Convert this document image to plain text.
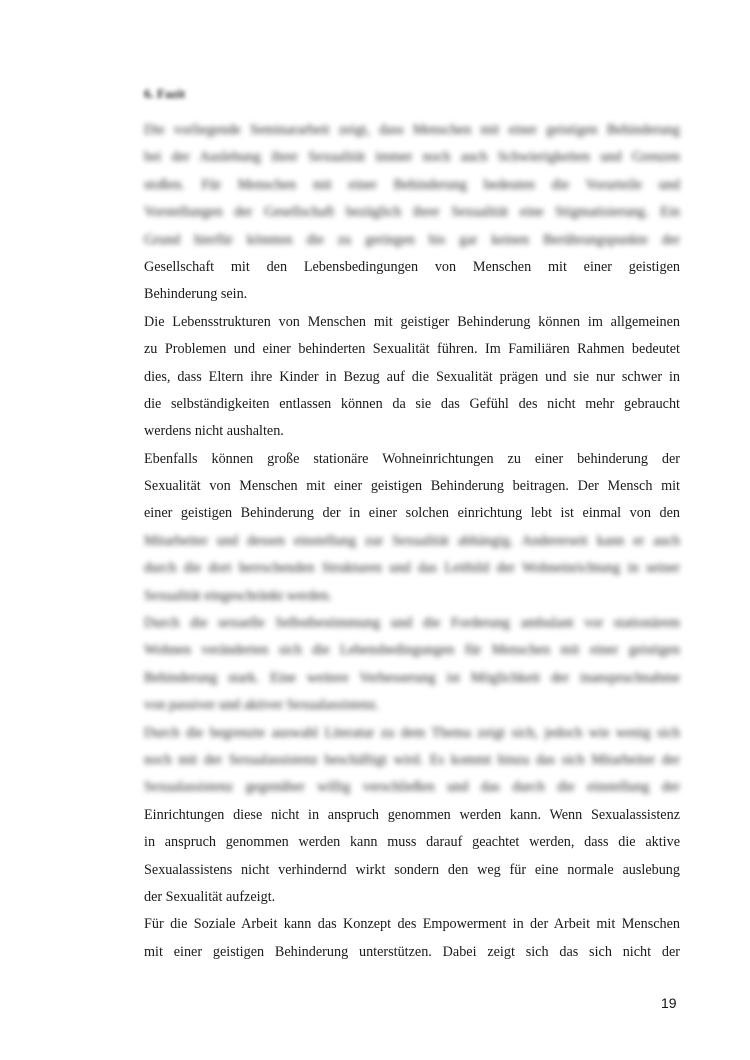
6. Fazit
Die vorliegende Seminararbeit zeigt, dass Menschen mit einer geistigen Behinderung
bei der Auslebung ihrer Sexualität immer noch auch Schwierigkeiten und Grenzen
stoßen. Für Menschen mit einer Behinderung bedeuten die Vorurteile und
Vorstellungen der Gesellschaft bezüglich ihrer Sexualität eine Stigmatisierung. Ein
Grund hierfür könnten die zu geringen bis gar keinen Berührungspunkte der
Gesellschaft mit den Lebensbedingungen von Menschen mit einer geistigen
Behinderung sein.
Die Lebensstrukturen von Menschen mit geistiger Behinderung können im allgemeinen
zu Problemen und einer behinderten Sexualität führen. Im Familiären Rahmen bedeutet
dies, dass Eltern ihre Kinder in Bezug auf die Sexualität prägen und sie nur schwer in
die selbständigkeiten entlassen können da sie das Gefühl des nicht mehr gebraucht
werdens nicht aushalten.
Ebenfalls können große stationäre Wohneinrichtungen zu einer behinderung der
Sexualität von Menschen mit einer geistigen Behinderung beitragen. Der Mensch mit
einer geistigen Behinderung der in einer solchen einrichtung lebt ist einmal von den
Mitarbeiter und dessen einstellung zur Sexualität abhängig. Andererseit kann er auch
durch die dort herrschenden Strukturen und das Leitbild der Wohneinrichtung in seiner
Sexualität eingeschränkt werden.
Durch die sexuelle Selbstbestimmung und die Forderung ambulant vor stationärem
Wohnen veränderten sich die Lebensbedingungen für Menschen mit einer geistigen
Behinderung stark. Eine weitere Verbesserung ist Möglichkeit der inanspruchnahme
von passiver und aktiver Sexualassistenz.
Durch die begrenzte auswahl Literatur zu dem Thema zeigt sich, jedoch wie wenig sich
noch mit der Sexualassistenz beschäftigt wird. Es kommt hinzu das sich Mitarbeiter der
Sexualassistenz gegenüber willig verschließen und das durch die einstellung der
Einrichtungen diese nicht in anspruch genommen werden kann. Wenn Sexualassistenz
in anspruch genommen werden kann muss darauf geachtet werden, dass die aktive
Sexualassistens nicht verhindernd wirkt sondern den weg für eine normale auslebung
der Sexualität aufzeigt.
Für die Soziale Arbeit kann das Konzept des Empowerment in der Arbeit mit Menschen
mit einer geistigen Behinderung unterstützen. Dabei zeigt sich das sich nicht der
19
